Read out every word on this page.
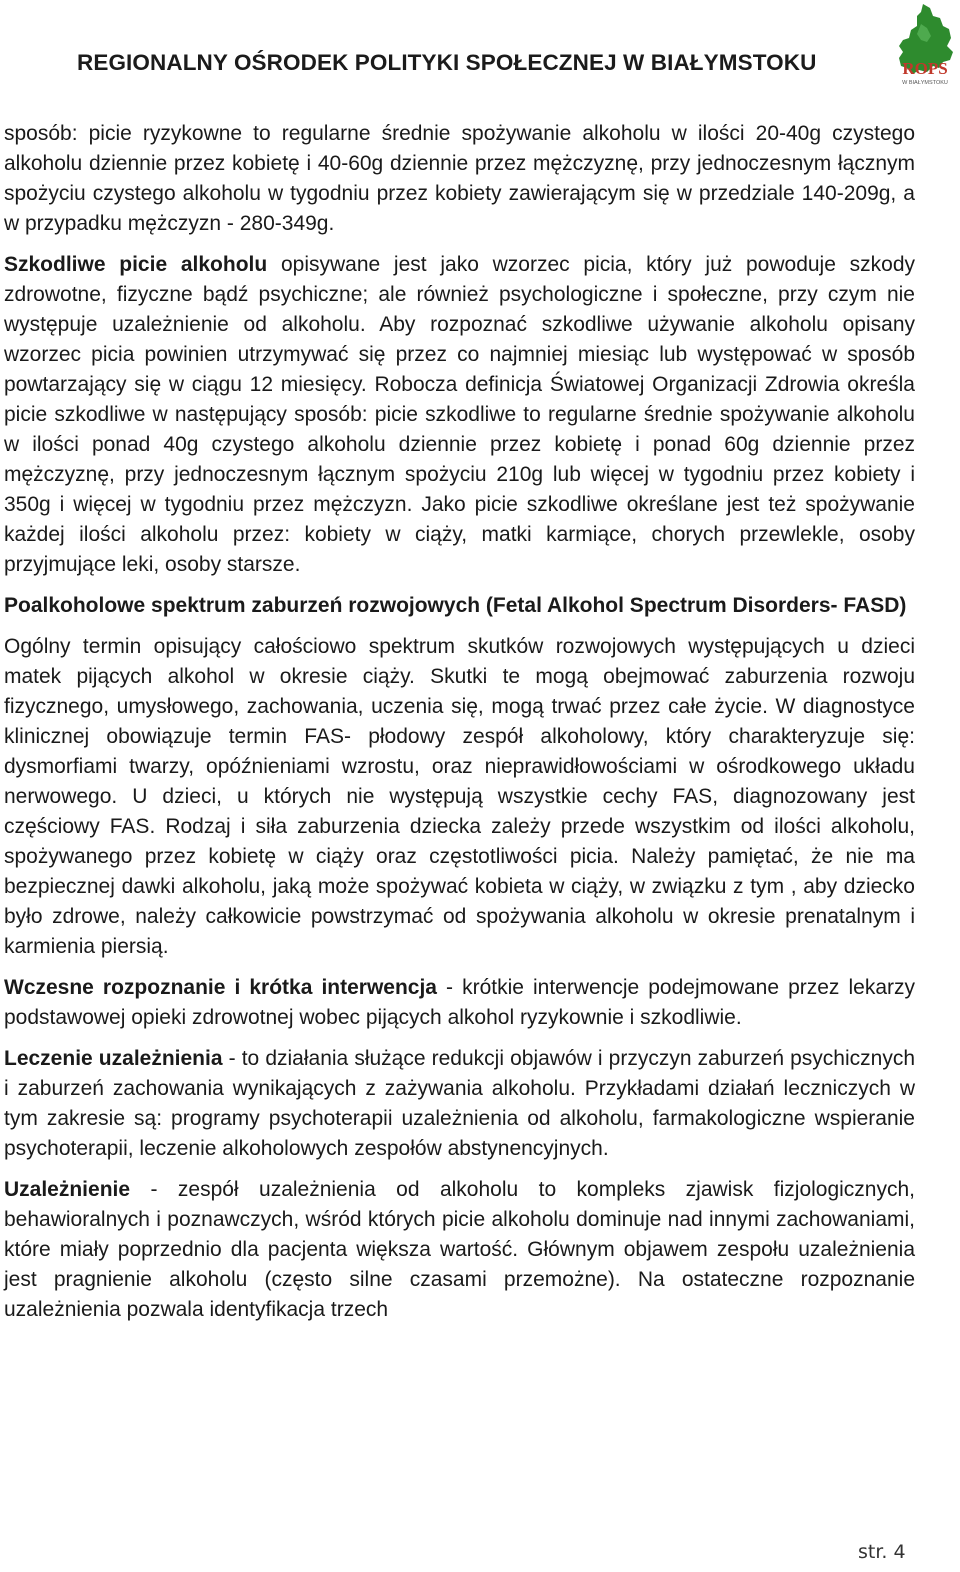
REGIONALNY OŚRODEK POLITYKI SPOŁECZNEJ W BIAŁYMSTOKU	ROPS
W BIAŁYMSTOKU

sposób: picie ryzykowne to regularne średnie spożywanie alkoholu w ilości 20-40g czystego alkoholu dziennie przez kobietę i 40-60g dziennie przez mężczyznę, przy jednoczesnym łącznym spożyciu czystego alkoholu w tygodniu przez kobiety zawierającym się w przedziale 140-209g, a w przypadku mężczyzn - 280-349g.

Szkodliwe picie alkoholu opisywane jest jako wzorzec picia, który już powoduje szkody zdrowotne, fizyczne bądź psychiczne; ale również psychologiczne i społeczne, przy czym nie występuje uzależnienie od alkoholu. Aby rozpoznać szkodliwe używanie alkoholu opisany wzorzec picia powinien utrzymywać się przez co najmniej miesiąc lub występować w sposób powtarzający się w ciągu 12 miesięcy. Robocza definicja Światowej Organizacji Zdrowia określa picie szkodliwe w następujący sposób: picie szkodliwe to regularne średnie spożywanie alkoholu w ilości ponad 40g czystego alkoholu dziennie przez kobietę i ponad 60g dziennie przez mężczyznę, przy jednoczesnym łącznym spożyciu 210g lub więcej w tygodniu przez kobiety i 350g i więcej w tygodniu przez mężczyzn. Jako picie szkodliwe określane jest też spożywanie każdej ilości alkoholu przez: kobiety w ciąży, matki karmiące, chorych przewlekle, osoby przyjmujące leki, osoby starsze.

Poalkoholowe spektrum zaburzeń rozwojowych (Fetal Alkohol Spectrum Disorders- FASD)

Ogólny termin opisujący całościowo spektrum skutków rozwojowych występujących u dzieci matek pijących alkohol w okresie ciąży. Skutki te mogą obejmować zaburzenia rozwoju fizycznego, umysłowego, zachowania, uczenia się, mogą trwać przez całe życie. W diagnostyce klinicznej obowiązuje termin FAS- płodowy zespół alkoholowy, który charakteryzuje się: dysmorfiami twarzy, opóźnieniami wzrostu, oraz nieprawidłowościami w ośrodkowego układu nerwowego. U dzieci, u których nie występują wszystkie cechy FAS, diagnozowany jest częściowy FAS. Rodzaj i siła zaburzenia dziecka zależy przede wszystkim od ilości alkoholu, spożywanego przez kobietę w ciąży oraz częstotliwości picia. Należy pamiętać, że nie ma bezpiecznej dawki alkoholu, jaką może spożywać kobieta w ciąży, w związku z tym , aby dziecko było zdrowe, należy całkowicie powstrzymać od spożywania alkoholu w okresie prenatalnym i karmienia piersią.

Wczesne rozpoznanie i krótka interwencja - krótkie interwencje podejmowane przez lekarzy podstawowej opieki zdrowotnej wobec pijących alkohol ryzykownie i szkodliwie.

Leczenie uzależnienia - to działania służące redukcji objawów i przyczyn zaburzeń psychicznych i zaburzeń zachowania wynikających z zażywania alkoholu. Przykładami działań leczniczych w tym zakresie są: programy psychoterapii uzależnienia od alkoholu, farmakologiczne wspieranie psychoterapii, leczenie alkoholowych zespołów abstynencyjnych.

Uzależnienie - zespół uzależnienia od alkoholu to kompleks zjawisk fizjologicznych, behawioralnych i poznawczych, wśród których picie alkoholu dominuje nad innymi zachowaniami, które miały poprzednio dla pacjenta większa wartość. Głównym objawem zespołu uzależnienia jest pragnienie alkoholu (często silne czasami przemożne). Na ostateczne rozpoznanie uzależnienia pozwala identyfikacja trzech

str. 4
